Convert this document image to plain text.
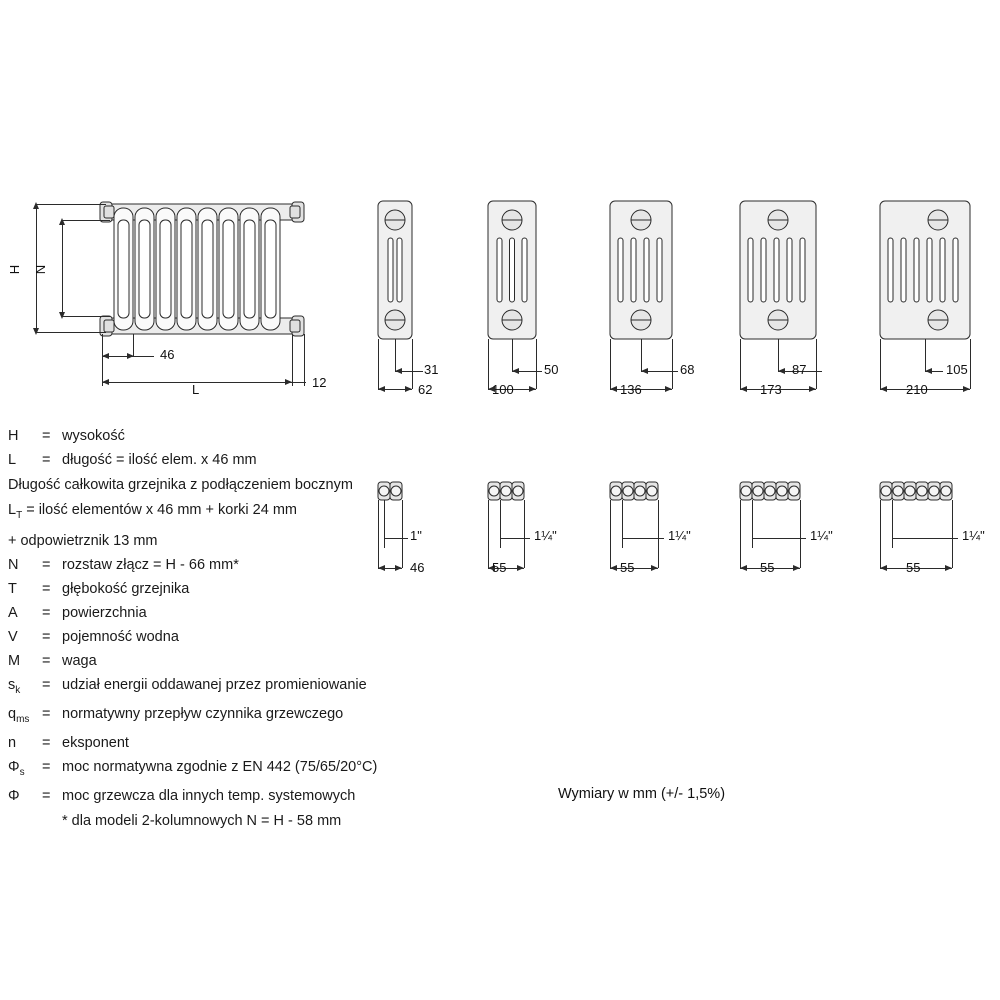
H N
46
L	12
31
62
50
100
68
136
87
173
105
210
1"
46
1¼"
55
1¼"
55
1¼"
55
1¼"
55
H	= wysokość
L	= długość = ilość elem. x 46 mm
Długość całkowita grzejnika z podłączeniem bocznym
$L_T$ = ilość elementów x 46 mm + korki 24 mm
+ odpowietrznik 13 mm
N	= rozstaw złącz = H - 66 mm*
T	= głębokość grzejnika
A	= powierzchnia
V	= pojemność wodna
M	= waga
$s_k$	= udział energii oddawanej przez promieniowanie
$q_{ms}$ = normatywny przepływ czynnika grzewczego
n	= eksponent
$\Phi_s$	= moc normatywna zgodnie z EN 442 (75/65/20°C)
Φ	= moc grzewcza dla innych temp. systemowych
* dla modeli 2-kolumnowych N = H - 58 mm
Wymiary w mm (+/- 1,5%)
